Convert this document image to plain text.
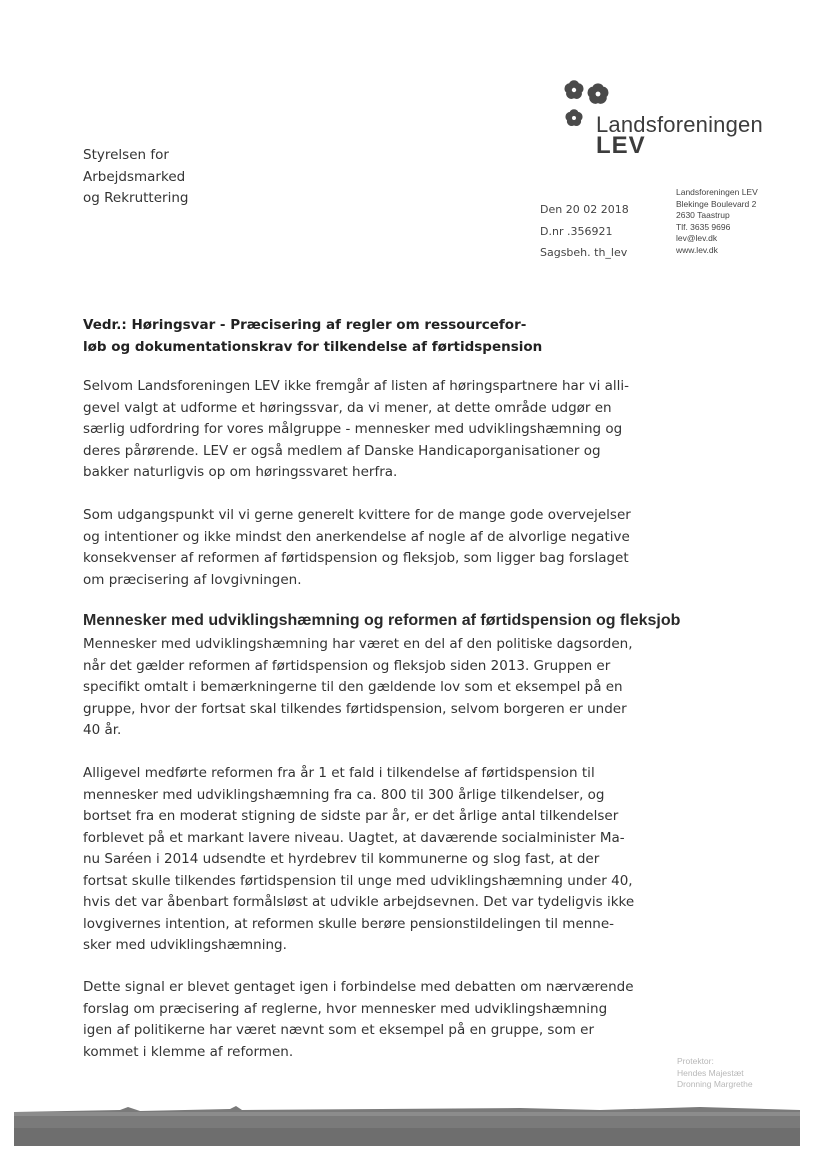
Landsforeningen
LEV
Styrelsen for
Arbejdsmarked
og Rekruttering
Den 20 02 2018
D.nr .356921
Sagsbeh. th_lev
Landsforeningen LEV
Blekinge Boulevard 2
2630 Taastrup
Tlf. 3635 9696
lev@lev.dk
www.lev.dk
Vedr.: Høringsvar - Præcisering af regler om ressourcefor-
løb og dokumentationskrav for tilkendelse af førtidspension
Selvom Landsforeningen LEV ikke fremgår af listen af høringspartnere har vi alli-
gevel valgt at udforme et høringssvar, da vi mener, at dette område udgør en
særlig udfordring for vores målgruppe - mennesker med udviklingshæmning og
deres pårørende. LEV er også medlem af Danske Handicaporganisationer og
bakker naturligvis op om høringssvaret herfra.
Som udgangspunkt vil vi gerne generelt kvittere for de mange gode overvejelser
og intentioner og ikke mindst den anerkendelse af nogle af de alvorlige negative
konsekvenser af reformen af førtidspension og fleksjob, som ligger bag forslaget
om præcisering af lovgivningen.
Mennesker med udviklingshæmning og reformen af førtidspension og fleksjob
Mennesker med udviklingshæmning har været en del af den politiske dagsorden,
når det gælder reformen af førtidspension og fleksjob siden 2013. Gruppen er
specifikt omtalt i bemærkningerne til den gældende lov som et eksempel på en
gruppe, hvor der fortsat skal tilkendes førtidspension, selvom borgeren er under
40 år.
Alligevel medførte reformen fra år 1 et fald i tilkendelse af førtidspension til
mennesker med udviklingshæmning fra ca. 800 til 300 årlige tilkendelser, og
bortset fra en moderat stigning de sidste par år, er det årlige antal tilkendelser
forblevet på et markant lavere niveau. Uagtet, at daværende socialminister Ma-
nu Saréen i 2014 udsendte et hyrdebrev til kommunerne og slog fast, at der
fortsat skulle tilkendes førtidspension til unge med udviklingshæmning under 40,
hvis det var åbenbart formålsløst at udvikle arbejdsevnen. Det var tydeligvis ikke
lovgivernes intention, at reformen skulle berøre pensionstildelingen til menne-
sker med udviklingshæmning.
Dette signal er blevet gentaget igen i forbindelse med debatten om nærværende
forslag om præcisering af reglerne, hvor mennesker med udviklingshæmning
igen af politikerne har været nævnt som et eksempel på en gruppe, som er
kommet i klemme af reformen.
Protektor:
Hendes Majestæt
Dronning Margrethe
